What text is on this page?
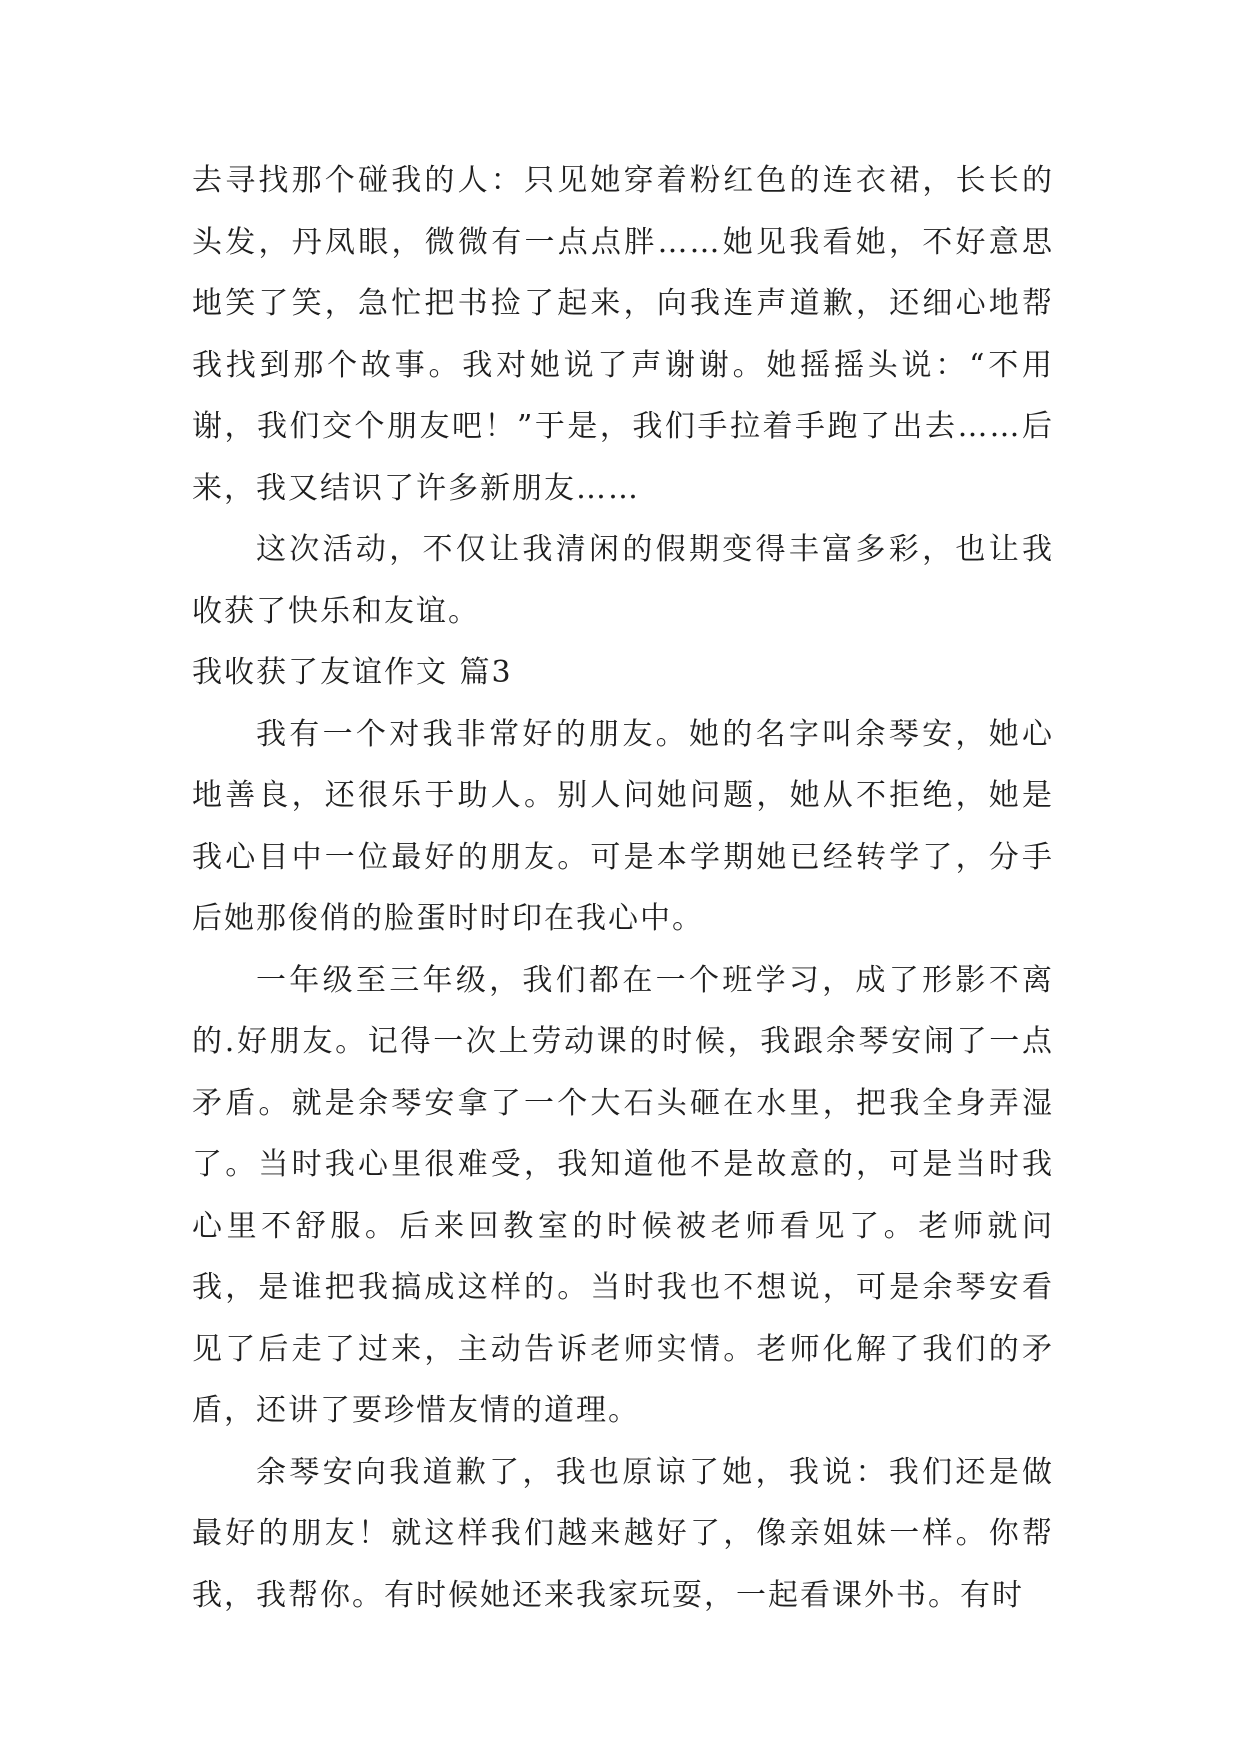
去寻找那个碰我的人：只见她穿着粉红色的连衣裙，长长的头发，丹凤眼，微微有一点点胖……她见我看她，不好意思地笑了笑，急忙把书捡了起来，向我连声道歉，还细心地帮我找到那个故事。我对她说了声谢谢。她摇摇头说：“不用谢，我们交个朋友吧！”于是，我们手拉着手跑了出去……后来，我又结识了许多新朋友……

这次活动，不仅让我清闲的假期变得丰富多彩，也让我收获了快乐和友谊。

我收获了友谊作文 篇3

我有一个对我非常好的朋友。她的名字叫余琴安，她心地善良，还很乐于助人。别人问她问题，她从不拒绝，她是我心目中一位最好的朋友。可是本学期她已经转学了，分手后她那俊俏的脸蛋时时印在我心中。

一年级至三年级，我们都在一个班学习，成了形影不离的.好朋友。记得一次上劳动课的时候，我跟余琴安闹了一点矛盾。就是余琴安拿了一个大石头砸在水里，把我全身弄湿了。当时我心里很难受，我知道他不是故意的，可是当时我心里不舒服。后来回教室的时候被老师看见了。老师就问我，是谁把我搞成这样的。当时我也不想说，可是余琴安看见了后走了过来，主动告诉老师实情。老师化解了我们的矛盾，还讲了要珍惜友情的道理。

余琴安向我道歉了，我也原谅了她，我说：我们还是做最好的朋友！就这样我们越来越好了，像亲姐妹一样。你帮我，我帮你。有时候她还来我家玩耍，一起看课外书。有时
